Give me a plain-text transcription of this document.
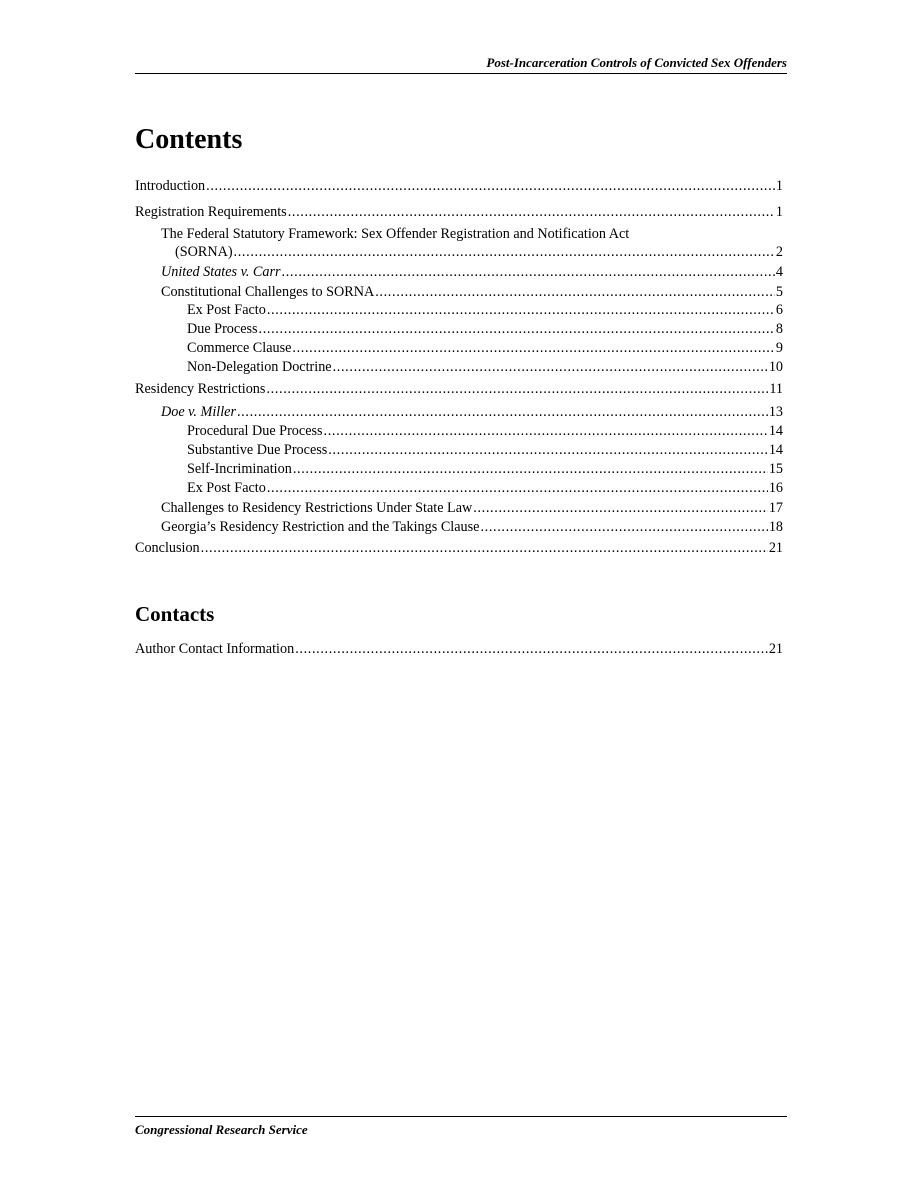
Post-Incarceration Controls of Convicted Sex Offenders
Contents
Introduction . . .	1
Registration Requirements . . .	1
The Federal Statutory Framework: Sex Offender Registration and Notification Act
(SORNA) . . .	2
United States v. Carr . . .	4
Constitutional Challenges to SORNA . . .	5
Ex Post Facto . . .	6
Due Process . . .	8
Commerce Clause . . .	9
Non-Delegation Doctrine . . .	10
Residency Restrictions . . .	11
Doe v. Miller . . .	13
Procedural Due Process . . .	14
Substantive Due Process . . .	14
Self-Incrimination . . .	15
Ex Post Facto . . .	16
Challenges to Residency Restrictions Under State Law . . .	17
Georgia’s Residency Restriction and the Takings Clause . . .	18
Conclusion . . .	21
Contacts
Author Contact Information . . .	21
Congressional Research Service
